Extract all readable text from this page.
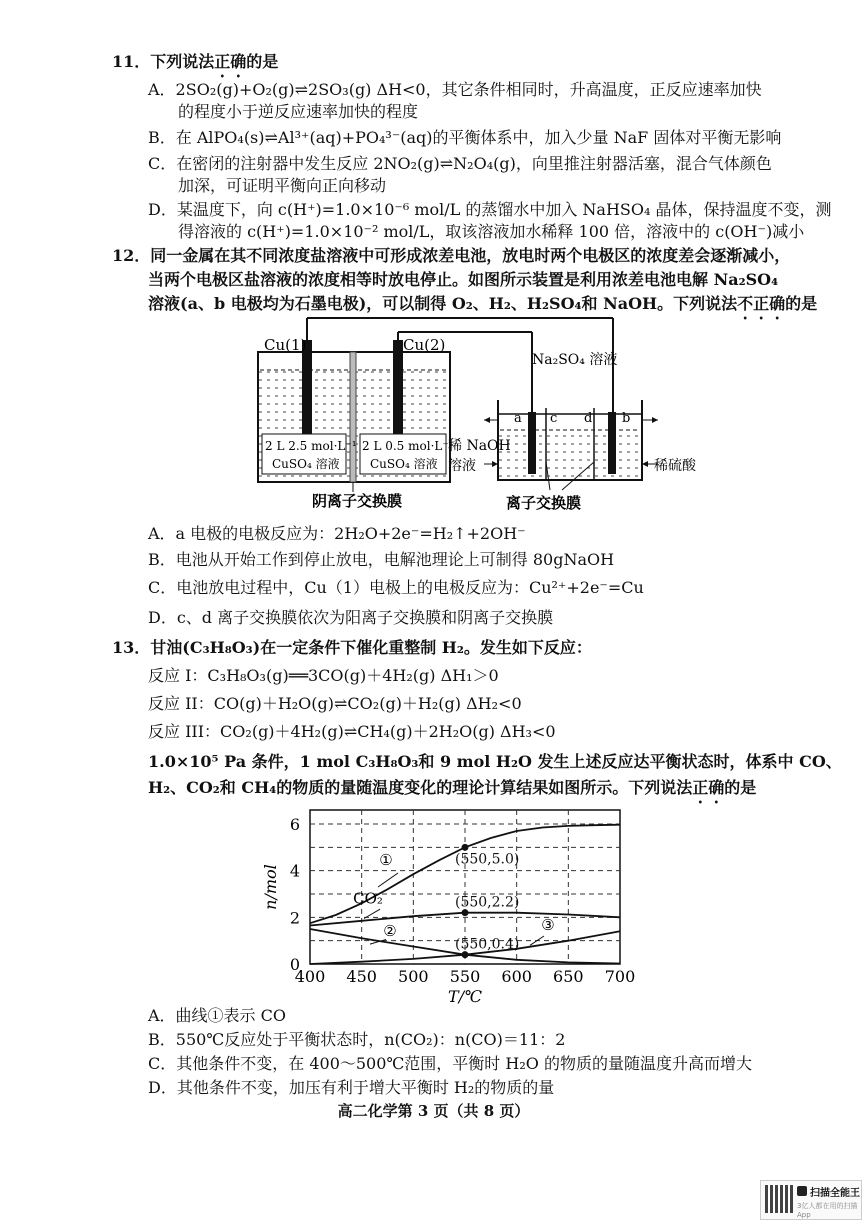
11．下列说法正确的是
A．2SO₂(g)+O₂(g)⇌2SO₃(g) ΔH<0，其它条件相同时，升高温度，正反应速率加快
的程度小于逆反应速率加快的程度
B．在 AlPO₄(s)⇌Al³⁺(aq)+PO₄³⁻(aq)的平衡体系中，加入少量 NaF 固体对平衡无影响
C．在密闭的注射器中发生反应 2NO₂(g)⇌N₂O₄(g)，向里推注射器活塞，混合气体颜色
加深，可证明平衡向正向移动
D．某温度下，向 c(H⁺)=1.0×10⁻⁶ mol/L 的蒸馏水中加入 NaHSO₄ 晶体，保持温度不变，测
得溶液的 c(H⁺)=1.0×10⁻² mol/L，取该溶液加水稀释 100 倍，溶液中的 c(OH⁻)减小
12．同一金属在其不同浓度盐溶液中可形成浓差电池，放电时两个电极区的浓度差会逐渐减小，
当两个电极区盐溶液的浓度相等时放电停止。如图所示装置是利用浓差电池电解 Na₂SO₄
溶液(a、b 电极均为石墨电极)，可以制得 O₂、H₂、H₂SO₄和 NaOH。下列说法不正确的是
Cu(1)	Cu(2)
2 L 2.5 mol·L⁻¹
CuSO₄ 溶液
2 L 0.5 mol·L⁻¹
CuSO₄ 溶液
阴离子交换膜
Na₂SO₄ 溶液
a	b
c d
稀 NaOH
溶液	稀硫酸
离子交换膜
A．a 电极的电极反应为：2H₂O+2e⁻=H₂↑+2OH⁻
B．电池从开始工作到停止放电，电解池理论上可制得 80gNaOH
C．电池放电过程中，Cu（1）电极上的电极反应为：Cu²⁺+2e⁻=Cu
D．c、d 离子交换膜依次为阳离子交换膜和阴离子交换膜
13．甘油(C₃H₈O₃)在一定条件下催化重整制 H₂。发生如下反应：
反应 I：C₃H₈O₃(g)══3CO(g)＋4H₂(g) ΔH₁＞0
反应 II：CO(g)＋H₂O(g)⇌CO₂(g)＋H₂(g) ΔH₂<0
反应 III：CO₂(g)＋4H₂(g)⇌CH₄(g)＋2H₂O(g) ΔH₃<0
1.0×10⁵ Pa 条件，1 mol C₃H₈O₃和 9 mol H₂O 发生上述反应达平衡状态时，体系中 CO、
H₂、CO₂和 CH₄的物质的量随温度变化的理论计算结果如图所示。下列说法正确的是
400 450 500 550 600 650 700
0
2
4
6
T/℃
n/mol
(550,5.0)
(550,2.2)
(550,0.4)
①
CO₂
②	③
A．曲线①表示 CO
B．550℃反应处于平衡状态时，n(CO₂)：n(CO)＝11：2
C．其他条件不变，在 400～500℃范围，平衡时 H₂O 的物质的量随温度升高而增大
D．其他条件不变，加压有利于增大平衡时 H₂的物质的量
高二化学第 3 页（共 8 页）
扫描全能王
3亿人都在用的扫描App
